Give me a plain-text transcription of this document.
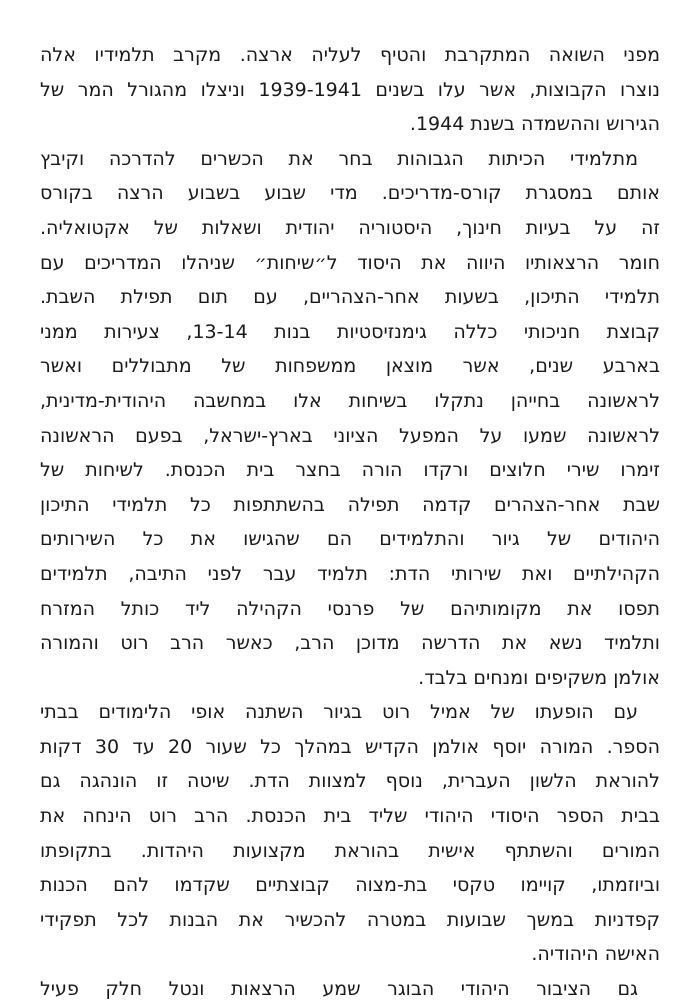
מפני השואה המתקרבת והטיף לעליה ארצה. מקרב תלמידיו אלה
נוצרו הקבוצות, אשר עלו בשנים 1939-1941 וניצלו מהגורל המר של
הגירוש וההשמדה בשנת 1944.
מתלמידי הכיתות הגבוהות בחר את הכשרים להדרכה וקיבץ
אותם במסגרת קורס-מדריכים. מדי שבוע בשבוע הרצה בקורס
זה על בעיות חינוך, היסטוריה יהודית ושאלות של אקטואליה.
חומר הרצאותיו היווה את היסוד ל״שיחות״ שניהלו המדריכים עם
תלמידי התיכון, בשעות אחר-הצהריים, עם תום תפילת השבת.
קבוצת חניכותי כללה גימנזיסטיות בנות 13-14, צעירות ממני
בארבע שנים, אשר מוצאן ממשפחות של מתבוללים ואשר
לראשונה בחייהן נתקלו בשיחות אלו במחשבה היהודית-מדינית,
לראשונה שמעו על המפעל הציוני בארץ-ישראל, בפעם הראשונה
זימרו שירי חלוצים ורקדו הורה בחצר בית הכנסת. לשיחות של
שבת אחר-הצהרים קדמה תפילה בהשתתפות כל תלמידי התיכון
היהודים של גיור והתלמידים הם שהגישו את כל השירותים
הקהילתיים ואת שירותי הדת: תלמיד עבר לפני התיבה, תלמידים
תפסו את מקומותיהם של פרנסי הקהילה ליד כותל המזרח
ותלמיד נשא את הדרשה מדוכן הרב, כאשר הרב רוט והמורה
אולמן משקיפים ומנחים בלבד.
עם הופעתו של אמיל רוט בגיור השתנה אופי הלימודים בבתי
הספר. המורה יוסף אולמן הקדיש במהלך כל שעור 20 עד 30 דקות
להוראת הלשון העברית, נוסף למצוות הדת. שיטה זו הונהגה גם
בבית הספר היסודי היהודי שליד בית הכנסת. הרב רוט הינחה את
המורים והשתתף אישית בהוראת מקצועות היהדות. בתקופתו
וביוזמתו, קויימו טקסי בת-מצוה קבוצתיים שקדמו להם הכנות
קפדניות במשך שבועות במטרה להכשיר את הבנות לכל תפקידי
האישה היהודיה.
גם הציבור היהודי הבוגר שמע הרצאות ונטל חלק פעיל
